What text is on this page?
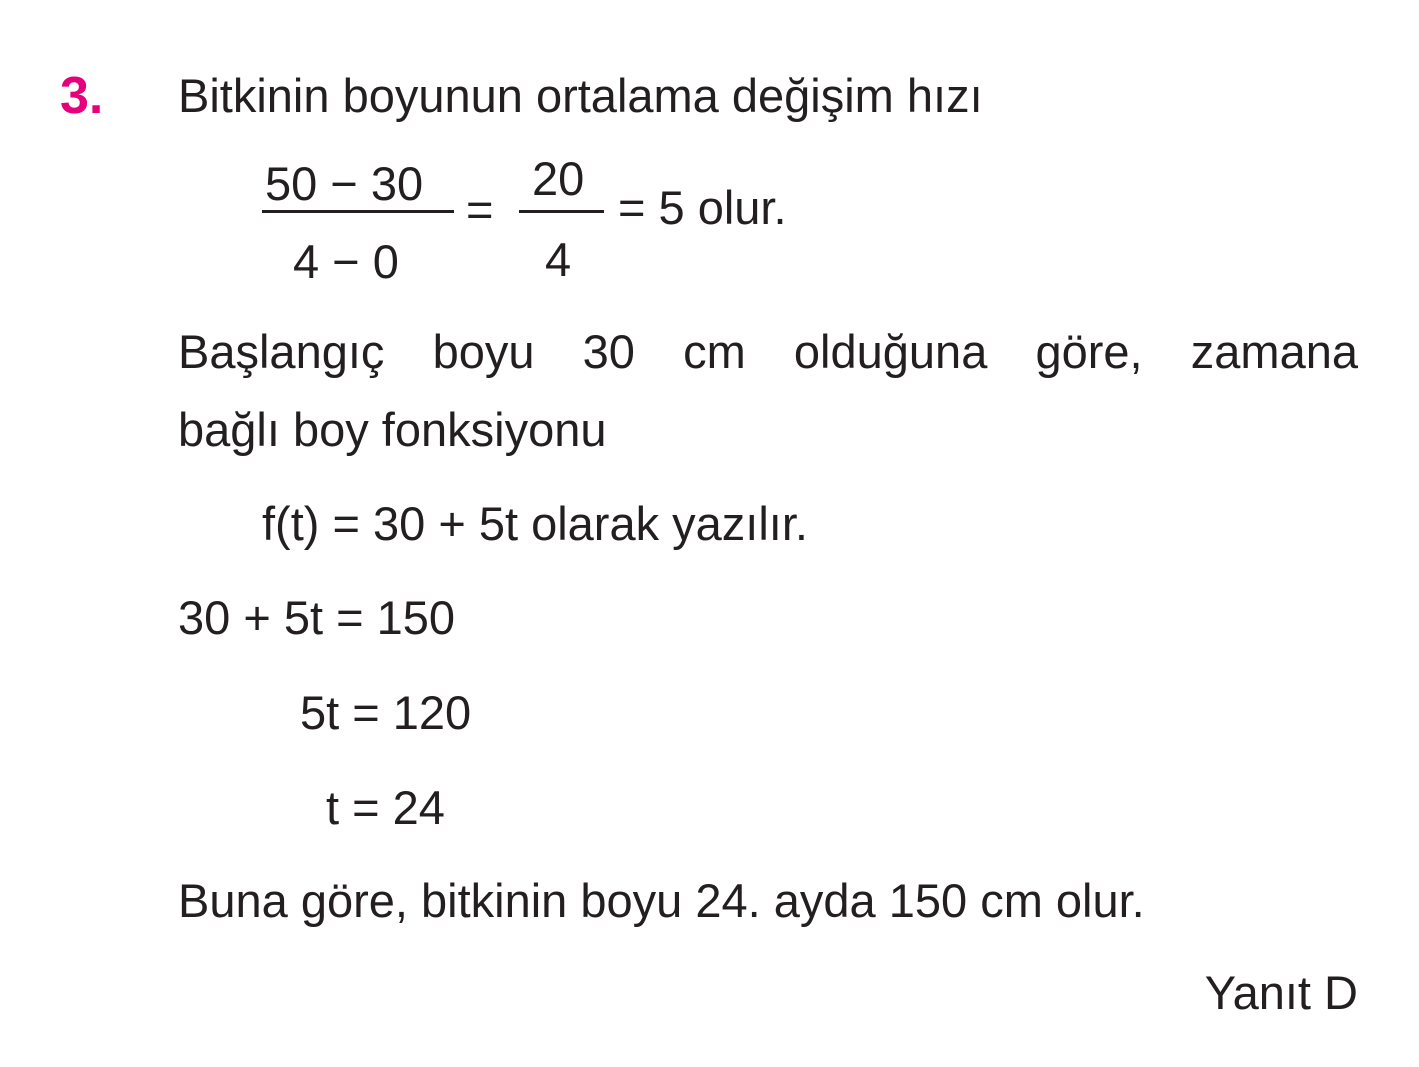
3. Bitkinin boyunun ortalama değişim hızı
50 − 30
4 − 0
=
20
4
= 5 olur.
Başlangıç boyu 30 cm olduğuna göre, zamana
bağlı boy fonksiyonu
f(t) = 30 + 5t olarak yazılır.
30 + 5t = 150
5t = 120
t = 24
Buna göre, bitkinin boyu 24. ayda 150 cm olur.
Yanıt D
